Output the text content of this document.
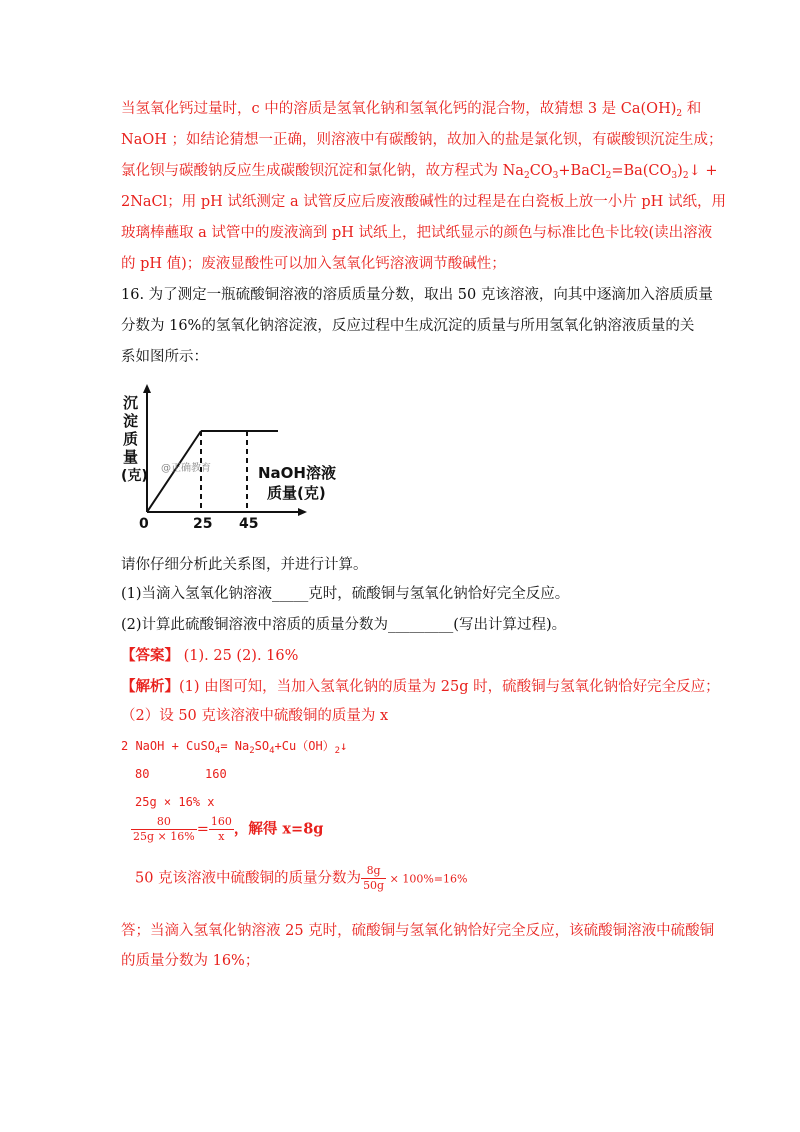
当氢氧化钙过量时，c 中的溶质是氢氧化钠和氢氧化钙的混合物，故猜想 3 是 $Ca(OH)_2$ 和
NaOH ；如结论猜想一正确，则溶液中有碳酸钠，故加入的盐是氯化钡，有碳酸钡沉淀生成；
氯化钡与碳酸钠反应生成碳酸钡沉淀和氯化钠，故方程式为 $Na_2CO_3+BaCl_2=Ba(CO_3)_2↓$ +
2NaCl；用 pH 试纸测定 a 试管反应后废液酸碱性的过程是在白瓷板上放一小片 pH 试纸，用
玻璃棒蘸取 a 试管中的废液滴到 pH 试纸上，把试纸显示的颜色与标准比色卡比较(读出溶液
的 pH 值)；废液显酸性可以加入氢氧化钙溶液调节酸碱性；
16. 为了测定一瓶硫酸铜溶液的溶质质量分数，取出 50 克该溶液，向其中逐滴加入溶质质量
分数为 16%的氢氧化钠溶淀液，反应过程中生成沉淀的质量与所用氢氧化钠溶液质量的关
系如图所示：
沉
淀
质
量
(克)
0	25 45
NaOH溶液
质量(克)
@正确教育
请你仔细分析此关系图，并进行计算。
(1)当滴入氢氧化钠溶液_____克时，硫酸铜与氢氧化钠恰好完全反应。
(2)计算此硫酸铜溶液中溶质的质量分数为_________(写出计算过程)。
【答案】 (1). 25 (2). 16%
【解析】(1) 由图可知，当加入氢氧化钠的质量为 25g 时，硫酸铜与氢氧化钠恰好完全反应；
（2）设 50 克该溶液中硫酸铜的质量为 x
2 NaOH + CuSO$_4$= $Na_2SO_4+Cu(OH)_2↓$
80	160
25g × 16% x
$\frac{80}{25g \times 16\%} = \frac{160}{x}$ ，解得 x=8g
50 克该溶液中硫酸铜的质量分数为 $\frac{8g}{50g} \times 100\%=16\%$
答；当滴入氢氧化钠溶液 25 克时，硫酸铜与氢氧化钠恰好完全反应，该硫酸铜溶液中硫酸铜
的质量分数为 16%；
